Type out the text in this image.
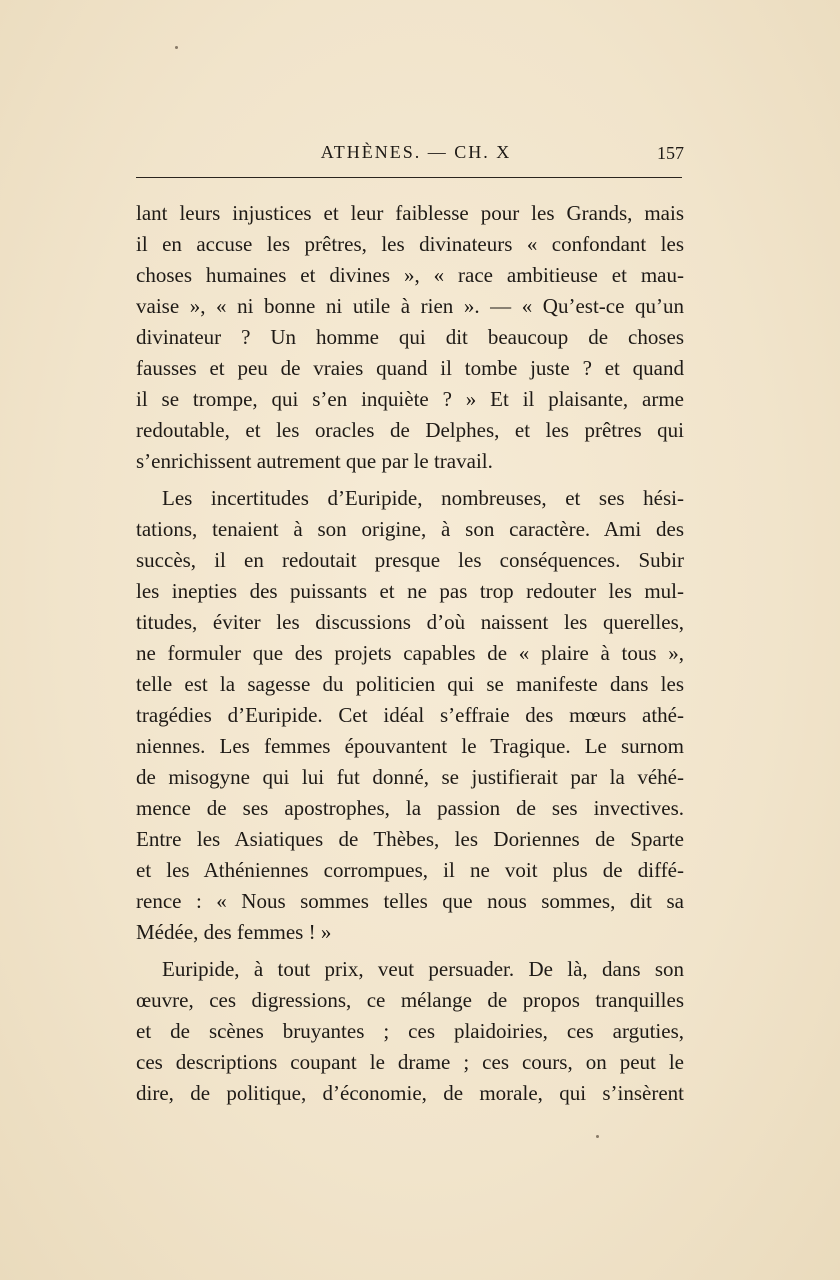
ATHÈNES. — CH. X	157
lant leurs injustices et leur faiblesse pour les Grands, mais
il en accuse les prêtres, les divinateurs « confondant les
choses humaines et divines », « race ambitieuse et mau-
vaise », « ni bonne ni utile à rien ». — « Qu’est-ce qu’un
divinateur ? Un homme qui dit beaucoup de choses
fausses et peu de vraies quand il tombe juste ? et quand
il se trompe, qui s’en inquiète ? » Et il plaisante, arme
redoutable, et les oracles de Delphes, et les prêtres qui
s’enrichissent autrement que par le travail.
Les incertitudes d’Euripide, nombreuses, et ses hési-
tations, tenaient à son origine, à son caractère. Ami des
succès, il en redoutait presque les conséquences. Subir
les inepties des puissants et ne pas trop redouter les mul-
titudes, éviter les discussions d’où naissent les querelles,
ne formuler que des projets capables de « plaire à tous »,
telle est la sagesse du politicien qui se manifeste dans les
tragédies d’Euripide. Cet idéal s’effraie des mœurs athé-
niennes. Les femmes épouvantent le Tragique. Le surnom
de misogyne qui lui fut donné, se justifierait par la véhé-
mence de ses apostrophes, la passion de ses invectives.
Entre les Asiatiques de Thèbes, les Doriennes de Sparte
et les Athéniennes corrompues, il ne voit plus de diffé-
rence : « Nous sommes telles que nous sommes, dit sa
Médée, des femmes ! »
Euripide, à tout prix, veut persuader. De là, dans son
œuvre, ces digressions, ce mélange de propos tranquilles
et de scènes bruyantes ; ces plaidoiries, ces arguties,
ces descriptions coupant le drame ; ces cours, on peut le
dire, de politique, d’économie, de morale, qui s’insèrent
